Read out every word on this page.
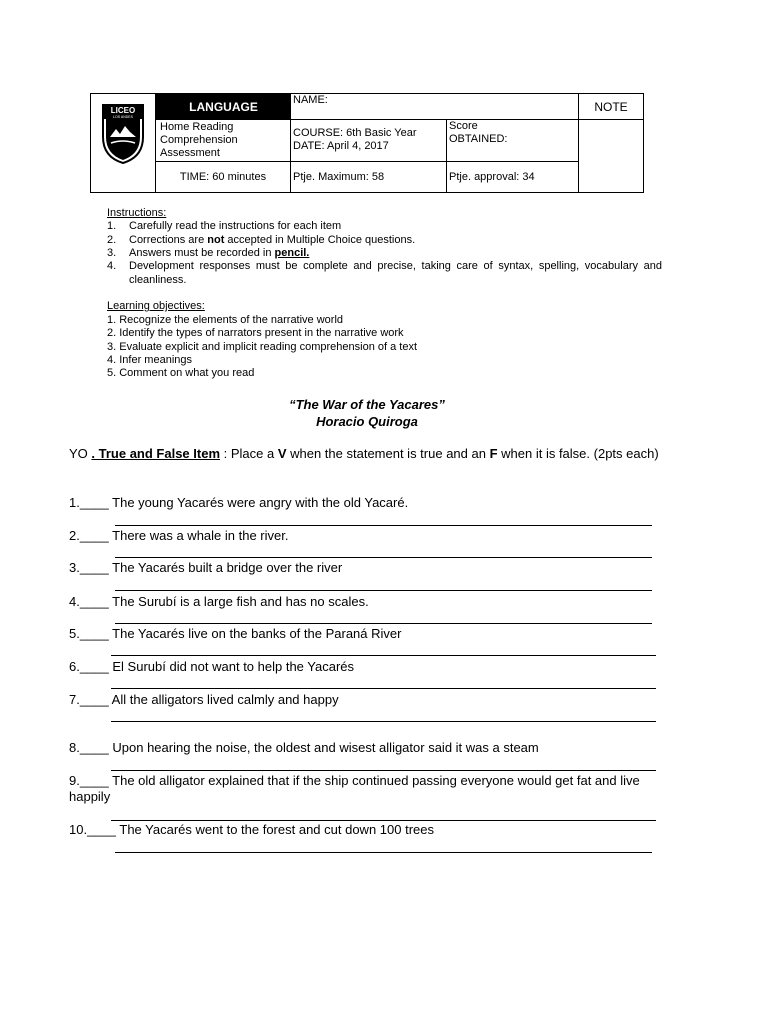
LICEO
LOS ANDES
SAN PEDRO DE LA PA
LANGUAGE
Home Reading
Comprehension
Assessment
TIME: 60 minutes
NAME:
COURSE: 6th Basic Year
DATE: April 4, 2017
Score
OBTAINED:
Ptje. Maximum: 58	Ptje. approval: 34
NOTE
Instructions:
1. Carefully read the instructions for each item
2. Corrections are not accepted in Multiple Choice questions.
3. Answers must be recorded in pencil.
4. Development responses must be complete and precise, taking care of syntax, spelling, vocabulary and cleanliness.
Learning objectives:
1. Recognize the elements of the narrative world
2. Identify the types of narrators present in the narrative work
3. Evaluate explicit and implicit reading comprehension of a text
4. Infer meanings
5. Comment on what you read
“The War of the Yacares”
Horacio Quiroga
YO . True and False Item : Place a V when the statement is true and an F when it is false. (2pts each)
1.____ The young Yacarés were angry with the old Yacaré.
2.____ There was a whale in the river.
3.____ The Yacarés built a bridge over the river
4.____ The Surubí is a large fish and has no scales.
5.____ The Yacarés live on the banks of the Paraná River
6.____ El Surubí did not want to help the Yacarés
7.____ All the alligators lived calmly and happy
8.____ Upon hearing the noise, the oldest and wisest alligator said it was a steam
9.____ The old alligator explained that if the ship continued passing everyone would get fat and live happily
10.____ The Yacarés went to the forest and cut down 100 trees
